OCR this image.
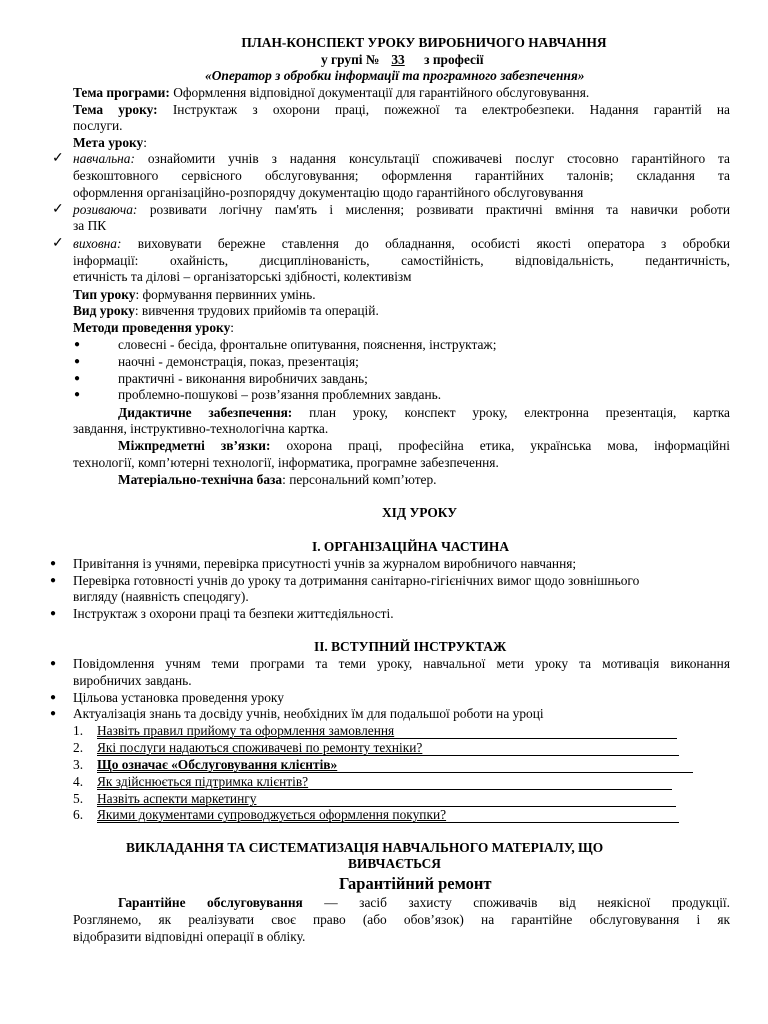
ПЛАН-КОНСПЕКТ УРОКУ ВИРОБНИЧОГО НАВЧАННЯ
у групі № 33 з професії
«Оператор з обробки інформації та програмного забезпечення»
Тема програми: Оформлення відповідної документації для гарантійного обслуговування.
Тема уроку: Інструктаж з охорони праці, пожежної та електробезпеки. Надання гарантій на
послуги.
Мета уроку:
✓ навчальна: ознайомити учнів з надання консультації споживачеві послуг стосовно гарантійного та
безкоштовного сервісного обслуговування; оформлення гарантійних талонів; складання та
оформлення організаційно-розпорядчу документацію щодо гарантійного обслуговування
✓ розиваюча: розвивати логічну пам'ять і мислення; розвивати практичні вміння та навички роботи
за ПК
✓ виховна: виховувати бережне ставлення до обладнання, особисті якості оператора з обробки
інформації: охайність, дисциплінованість, самостійність, відповідальність, педантичність,
етичність та ділові – організаторські здібності, колективізм
Тип уроку: формування первинних умінь.
Вид уроку: вивчення трудових прийомів та операцій.
Методи проведення уроку:
●	словесні - бесіда, фронтальне опитування, пояснення, інструктаж;
●	наочні - демонстрація, показ, презентація;
●	практичні - виконання виробничих завдань;
●	проблемно-пошукові – розв’язання проблемних завдань.
Дидактичне забезпечення: план уроку, конспект уроку, електронна презентація, картка
завдання, інструктивно-технологічна картка.
Міжпредметні зв’язки: охорона праці, професійна етика, українська мова, інформаційні
технології, комп’ютерні технології, інформатика, програмне забезпечення.
Матеріально-технічна база: персональний комп’ютер.
ХІД УРОКУ
І. ОРГАНІЗАЦІЙНА ЧАСТИНА
● Привітання із учнями, перевірка присутності учнів за журналом виробничого навчання;
● Перевірка готовності учнів до уроку та дотримання санітарно-гігієнічних вимог щодо зовнішнього
вигляду (наявність спецодягу).
● Інструктаж з охорони праці та безпеки життєдіяльності.
ІІ. ВСТУПНИЙ ІНСТРУКТАЖ
● Повідомлення учням теми програми та теми уроку, навчальної мети уроку та мотивація виконання
виробничих завдань.
● Цільова установка проведення уроку
● Актуалізація знань та досвіду учнів, необхідних їм для подальшої роботи на уроці
1. Назвіть правил прийому та оформлення замовлення
2. Які послуги надаються споживачеві по ремонту техніки?
3. Що означає «Обслуговування клієнтів»
4. Як здійснюється підтримка клієнтів?
5. Назвіть аспекти маркетингу
6. Якими документами супроводжується оформлення покупки?
ВИКЛАДАННЯ ТА СИСТЕМАТИЗАЦІЯ НАВЧАЛЬНОГО МАТЕРІАЛУ, ЩО
ВИВЧАЄТЬСЯ
Гарантійний ремонт
Гарантійне обслуговування — засіб захисту споживачів від неякісної продукції.
Розглянемо, як реалізувати своє право (або обов’язок) на гарантійне обслуговування і як
відобразити відповідні операції в обліку.
